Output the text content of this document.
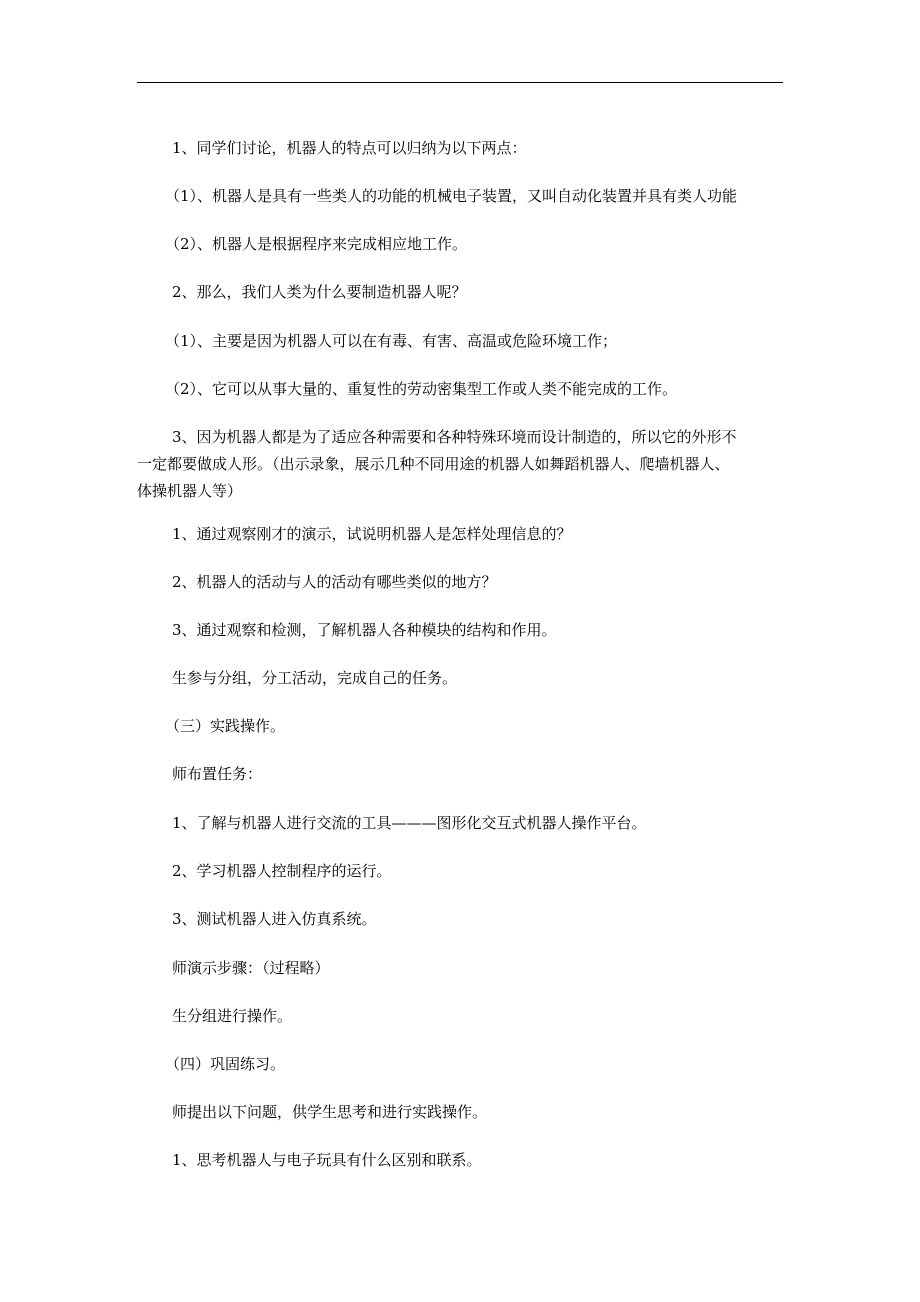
1、同学们讨论，机器人的特点可以归纳为以下两点：
（1）、机器人是具有一些类人的功能的机械电子装置，又叫自动化装置并具有类人功能
（2）、机器人是根据程序来完成相应地工作。
2、那么，我们人类为什么要制造机器人呢？
（1）、主要是因为机器人可以在有毒、有害、高温或危险环境工作；
（2）、它可以从事大量的、重复性的劳动密集型工作或人类不能完成的工作。
3、因为机器人都是为了适应各种需要和各种特殊环境而设计制造的，所以它的外形不
一定都要做成人形。（出示录象，展示几种不同用途的机器人如舞蹈机器人、爬墙机器人、
体操机器人等）
1、通过观察刚才的演示，试说明机器人是怎样处理信息的？
2、机器人的活动与人的活动有哪些类似的地方？
3、通过观察和检测，了解机器人各种模块的结构和作用。
生参与分组，分工活动，完成自己的任务。
（三）实践操作。
师布置任务：
1、了解与机器人进行交流的工具———图形化交互式机器人操作平台。
2、学习机器人控制程序的运行。
3、测试机器人进入仿真系统。
师演示步骤：（过程略）
生分组进行操作。
（四）巩固练习。
师提出以下问题，供学生思考和进行实践操作。
1、思考机器人与电子玩具有什么区别和联系。
